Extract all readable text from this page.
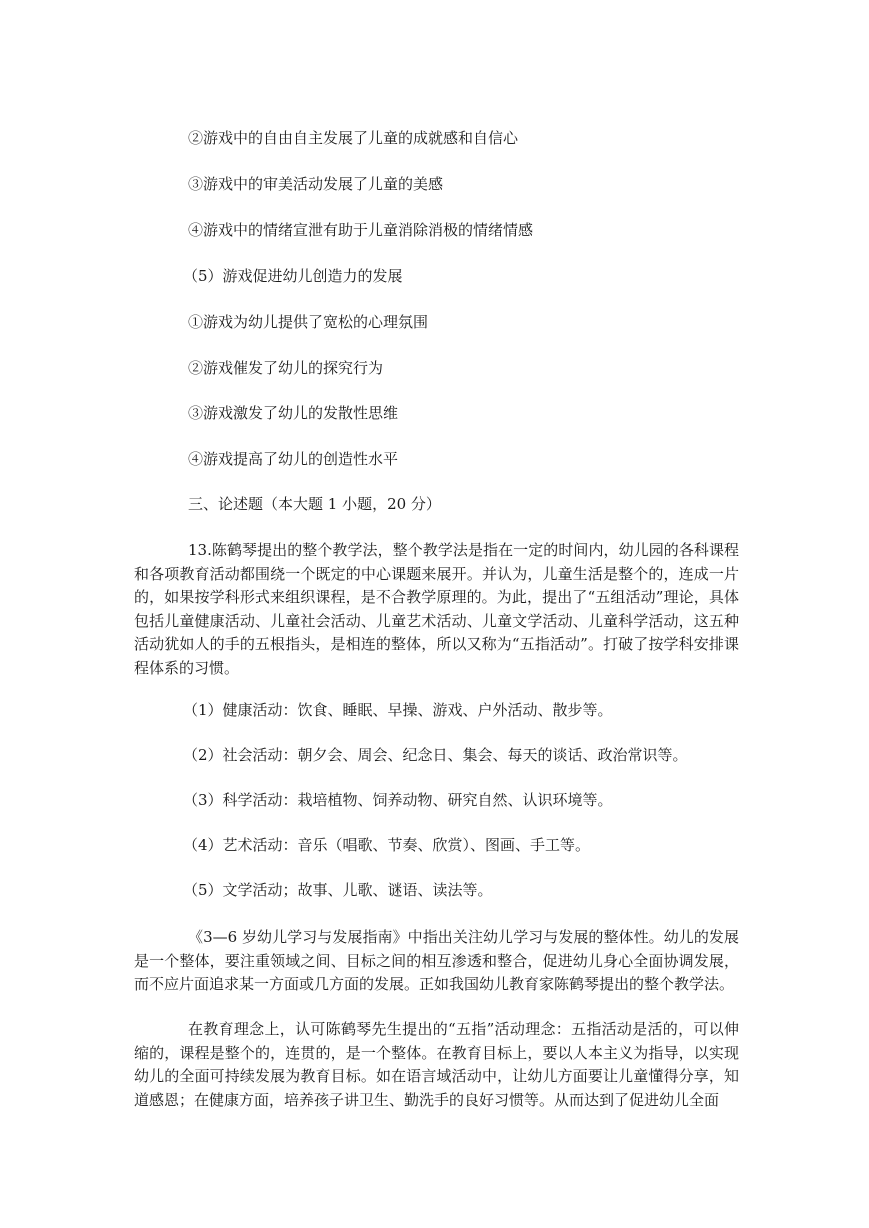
②游戏中的自由自主发展了儿童的成就感和自信心
③游戏中的审美活动发展了儿童的美感
④游戏中的情绪宣泄有助于儿童消除消极的情绪情感
（5）游戏促进幼儿创造力的发展
①游戏为幼儿提供了宽松的心理氛围
②游戏催发了幼儿的探究行为
③游戏激发了幼儿的发散性思维
④游戏提高了幼儿的创造性水平
三、论述题（本大题 1 小题，20 分）

13.陈鹤琴提出的整个教学法，整个教学法是指在一定的时间内，幼儿园的各科课程和各项教育活动都围绕一个既定的中心课题来展开。并认为，儿童生活是整个的，连成一片的，如果按学科形式来组织课程，是不合教学原理的。为此，提出了“五组活动”理论，具体包括儿童健康活动、儿童社会活动、儿童艺术活动、儿童文学活动、儿童科学活动，这五种活动犹如人的手的五根指头，是相连的整体，所以又称为“五指活动”。打破了按学科安排课程体系的习惯。

（1）健康活动：饮食、睡眠、早操、游戏、户外活动、散步等。
（2）社会活动：朝夕会、周会、纪念日、集会、每天的谈话、政治常识等。
（3）科学活动：栽培植物、饲养动物、研究自然、认识环境等。
（4）艺术活动：音乐（唱歌、节奏、欣赏）、图画、手工等。
（5）文学活动；故事、儿歌、谜语、读法等。

《3—6 岁幼儿学习与发展指南》中指出关注幼儿学习与发展的整体性。幼儿的发展是一个整体，要注重领域之间、目标之间的相互渗透和整合，促进幼儿身心全面协调发展，而不应片面追求某一方面或几方面的发展。正如我国幼儿教育家陈鹤琴提出的整个教学法。

在教育理念上，认可陈鹤琴先生提出的“五指”活动理念：五指活动是活的，可以伸缩的，课程是整个的，连贯的，是一个整体。在教育目标上，要以人本主义为指导，以实现幼儿的全面可持续发展为教育目标。如在语言域活动中，让幼儿方面要让儿童懂得分享，知道感恩；在健康方面，培养孩子讲卫生、勤洗手的良好习惯等。从而达到了促进幼儿全面
